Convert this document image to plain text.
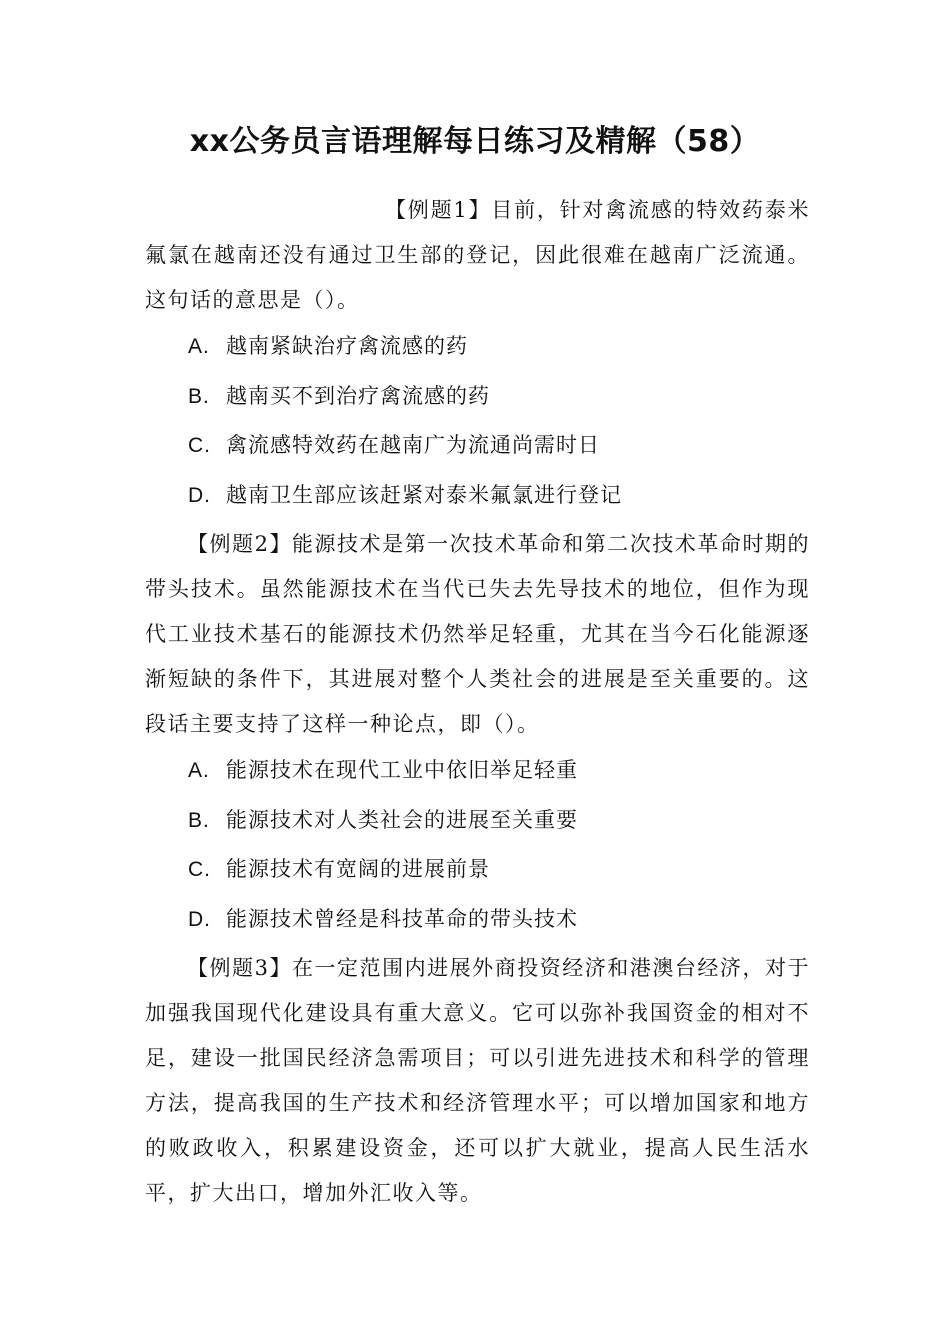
xx公务员言语理解每日练习及精解（58）

【例题1】目前，针对禽流感的特效药泰米氟氯在越南还没有通过卫生部的登记，因此很难在越南广泛流通。这句话的意思是（）。

A. 越南紧缺治疗禽流感的药
B. 越南买不到治疗禽流感的药
C. 禽流感特效药在越南广为流通尚需时日
D. 越南卫生部应该赶紧对泰米氟氯进行登记

【例题2】能源技术是第一次技术革命和第二次技术革命时期的带头技术。虽然能源技术在当代已失去先导技术的地位，但作为现代工业技术基石的能源技术仍然举足轻重，尤其在当今石化能源逐渐短缺的条件下，其进展对整个人类社会的进展是至关重要的。这段话主要支持了这样一种论点，即（）。

A. 能源技术在现代工业中依旧举足轻重
B. 能源技术对人类社会的进展至关重要
C. 能源技术有宽阔的进展前景
D. 能源技术曾经是科技革命的带头技术

【例题3】在一定范围内进展外商投资经济和港澳台经济，对于加强我国现代化建设具有重大意义。它可以弥补我国资金的相对不足，建设一批国民经济急需项目；可以引进先进技术和科学的管理方法，提高我国的生产技术和经济管理水平；可以增加国家和地方的败政收入，积累建设资金，还可以扩大就业，提高人民生活水平，扩大出口，增加外汇收入等。
